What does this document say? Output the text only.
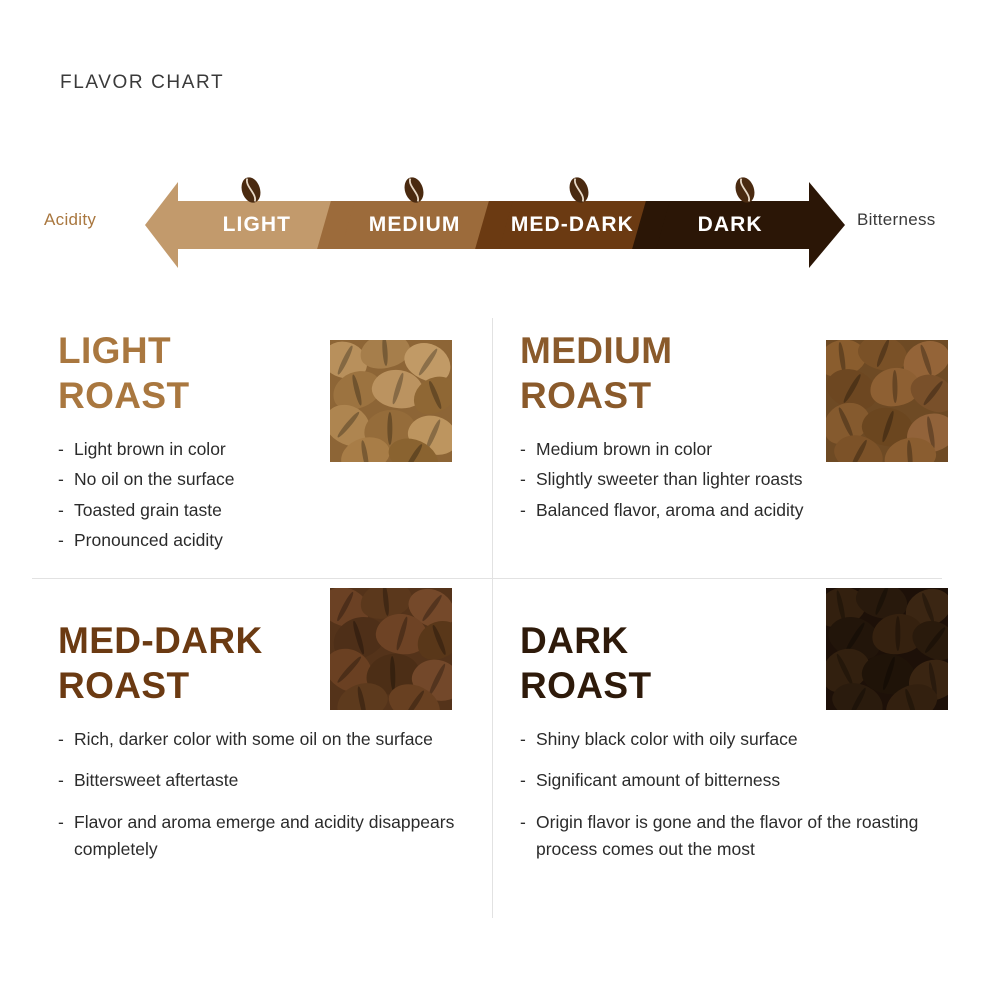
FLAVOR CHART
Acidity	Bitterness
LIGHT	MEDIUM MED-DARK	DARK
LIGHT
ROAST
- Light brown in color
- No oil on the surface
- Toasted grain taste
- Pronounced acidity
MEDIUM
ROAST
- Medium brown in color
- Slightly sweeter than lighter roasts
- Balanced flavor, aroma and acidity
MED-DARK
ROAST
- Rich, darker color with some oil on the surface
- Bittersweet aftertaste
- Flavor and aroma emerge and acidity disappears completely
DARK
ROAST
- Shiny black color with oily surface
- Significant amount of bitterness
- Origin flavor is gone and the flavor of the roasting process comes out the most
